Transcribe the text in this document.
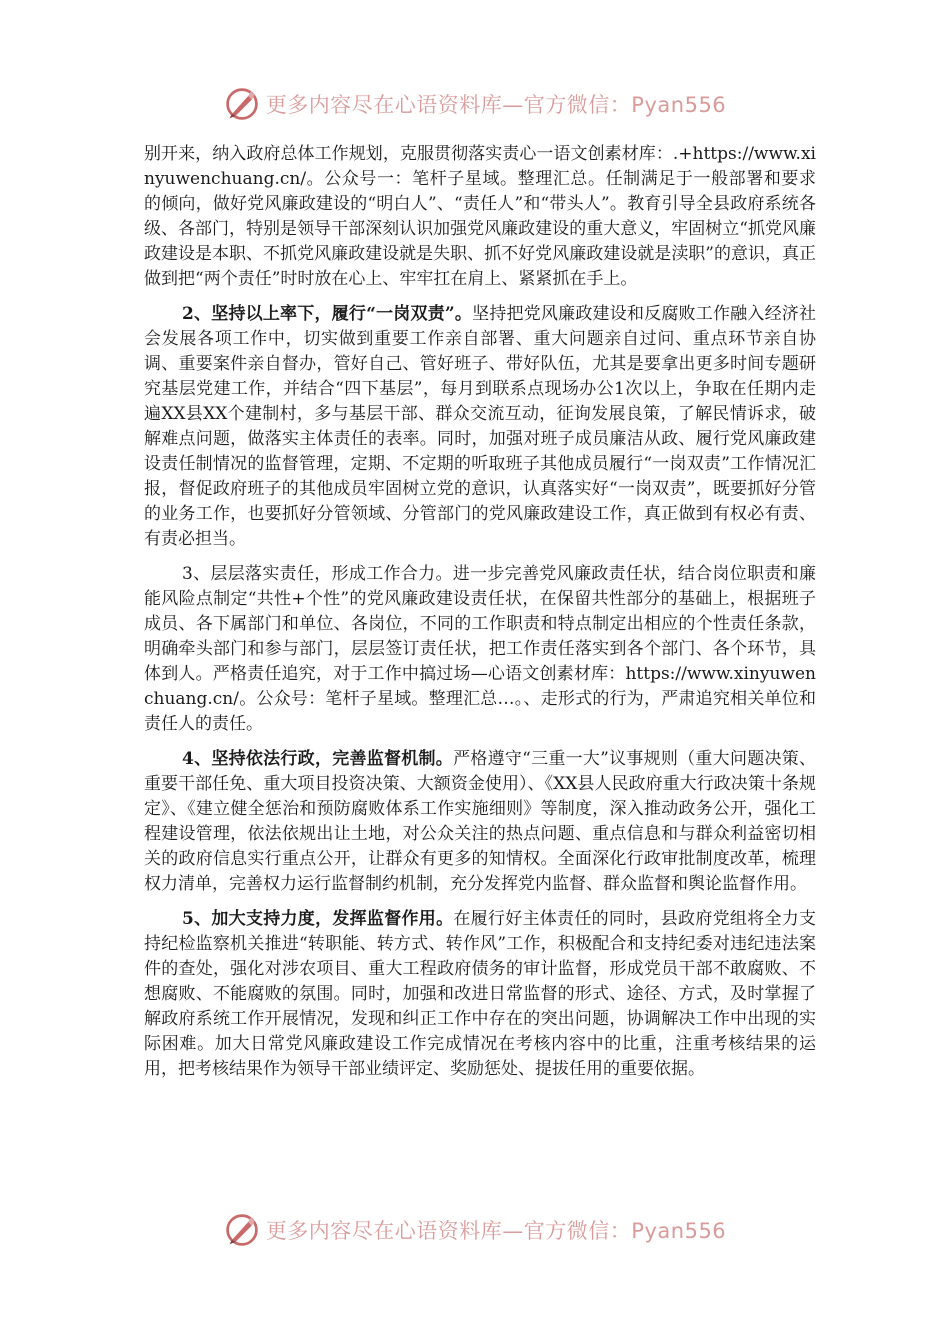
更多内容尽在心语资料库—官方微信：Pyan556

别开来，纳入政府总体工作规划，克服贯彻落实责心一语文创素材库：.+https://www.xinyuwenchuang.cn/。公众号一：笔杆子星域。整理汇总。任制满足于一般部署和要求的倾向，做好党风廉政建设的“明白人”、“责任人”和“带头人”。教育引导全县政府系统各级、各部门，特别是领导干部深刻认识加强党风廉政建设的重大意义，牢固树立“抓党风廉政建设是本职、不抓党风廉政建设就是失职、抓不好党风廉政建设就是渎职”的意识，真正做到把“两个责任”时时放在心上、牢牢扛在肩上、紧紧抓在手上。

2、坚持以上率下，履行“一岗双责”。坚持把党风廉政建设和反腐败工作融入经济社会发展各项工作中，切实做到重要工作亲自部署、重大问题亲自过问、重点环节亲自协调、重要案件亲自督办，管好自己、管好班子、带好队伍，尤其是要拿出更多时间专题研究基层党建工作，并结合“四下基层”，每月到联系点现场办公1次以上，争取在任期内走遍XX县XX个建制村，多与基层干部、群众交流互动，征询发展良策，了解民情诉求，破解难点问题，做落实主体责任的表率。同时，加强对班子成员廉洁从政、履行党风廉政建设责任制情况的监督管理，定期、不定期的听取班子其他成员履行“一岗双责”工作情况汇报，督促政府班子的其他成员牢固树立党的意识，认真落实好“一岗双责”，既要抓好分管的业务工作，也要抓好分管领域、分管部门的党风廉政建设工作，真正做到有权必有责、有责必担当。

3、层层落实责任，形成工作合力。进一步完善党风廉政责任状，结合岗位职责和廉能风险点制定“共性+个性”的党风廉政建设责任状，在保留共性部分的基础上，根据班子成员、各下属部门和单位、各岗位，不同的工作职责和特点制定出相应的个性责任条款，明确牵头部门和参与部门，层层签订责任状，把工作责任落实到各个部门、各个环节，具体到人。严格责任追究，对于工作中搞过场—心语文创素材库：https://www.xinyuwenchuang.cn/。公众号：笔杆子星域。整理汇总…。、走形式的行为，严肃追究相关单位和责任人的责任。

4、坚持依法行政，完善监督机制。严格遵守“三重一大”议事规则（重大问题决策、重要干部任免、重大项目投资决策、大额资金使用）、《XX县人民政府重大行政决策十条规定》、《建立健全惩治和预防腐败体系工作实施细则》等制度，深入推动政务公开，强化工程建设管理，依法依规出让土地，对公众关注的热点问题、重点信息和与群众利益密切相关的政府信息实行重点公开，让群众有更多的知情权。全面深化行政审批制度改革，梳理权力清单，完善权力运行监督制约机制，充分发挥党内监督、群众监督和舆论监督作用。

5、加大支持力度，发挥监督作用。在履行好主体责任的同时，县政府党组将全力支持纪检监察机关推进“转职能、转方式、转作风”工作，积极配合和支持纪委对违纪违法案件的查处，强化对涉农项目、重大工程政府债务的审计监督，形成党员干部不敢腐败、不想腐败、不能腐败的氛围。同时，加强和改进日常监督的形式、途径、方式，及时掌握了解政府系统工作开展情况，发现和纠正工作中存在的突出问题，协调解决工作中出现的实际困难。加大日常党风廉政建设工作完成情况在考核内容中的比重，注重考核结果的运用，把考核结果作为领导干部业绩评定、奖励惩处、提拔任用的重要依据。

更多内容尽在心语资料库—官方微信：Pyan556
